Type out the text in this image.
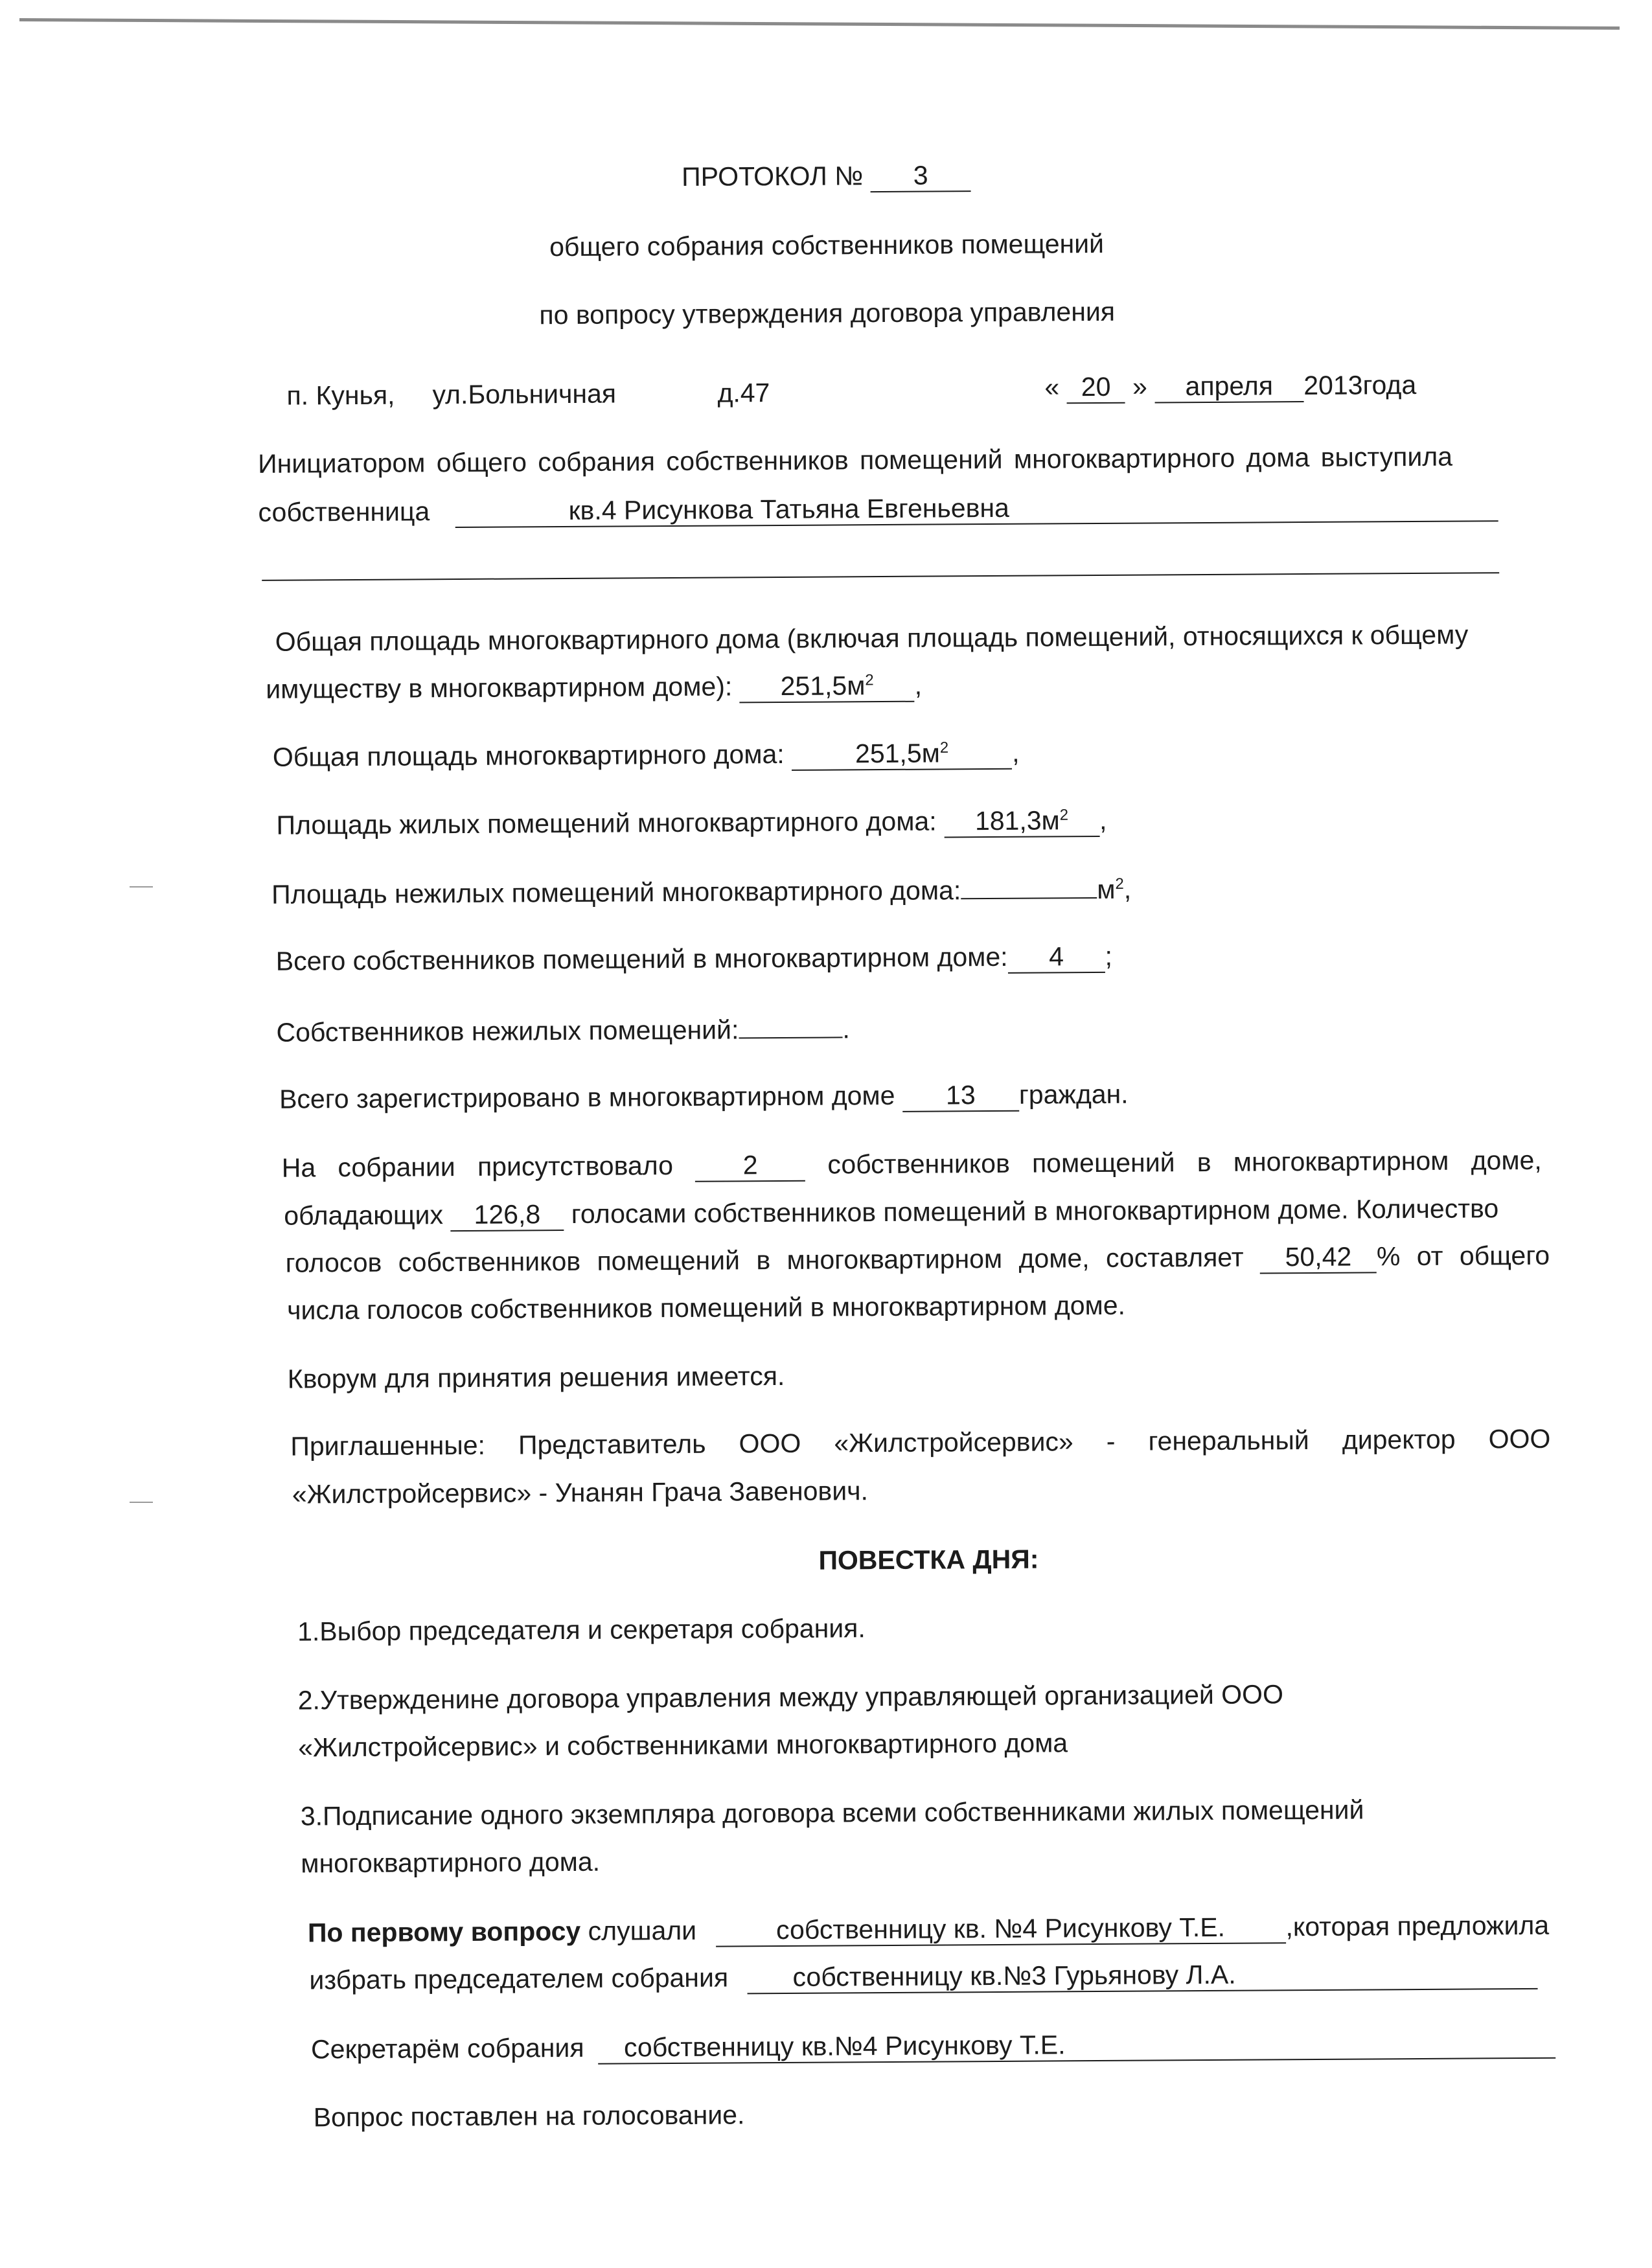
ПРОТОКОЛ № 3
общего собрания собственников помещений
по вопросу утверждения договора управления
п. Кунья, ул.Больничная	д.47	« 20 » апреля 2013года
Инициатором общего собрания собственников помещений многоквартирного дома выступила
собственница	кв.4 Рисункова Татьяна Евгеньевна
Общая площадь многоквартирного дома (включая площадь помещений, относящихся к общему
имуществу в многоквартирном доме): $251,5м^2$ ,
Общая площадь многоквартирного дома:	$251,5м^2$ ,
Площадь жилых помещений многоквартирного дома: $181,3м^2$ ,
Площадь нежилых помещений многоквартирного дома:	$м^2$,
Всего собственников помещений в многоквартирном доме: 4 ;
Собственников нежилых помещений:	.
Всего зарегистрировано в многоквартирном доме 13 граждан.
На собрании присутствовало	2	собственников помещений в многоквартирном доме,
обладающих 126,8 голосами собственников помещений в многоквартирном доме. Количество
голосов собственников помещений в многоквартирном доме, составляет 50,42 % от общего
числа голосов собственников помещений в многоквартирном доме.
Кворум для принятия решения имеется.
Приглашенные: Представитель ООО «Жилстройсервис» - генеральный директор ООО
«Жилстройсервис» - Унанян Грача Завенович.
ПОВЕСТКА ДНЯ:
1.Выбор председателя и секретаря собрания.
2.Утвержденине договора управления между управляющей организацией ООО
«Жилстройсервис» и собственниками многоквартирного дома
3.Подписание одного экземпляра договора всеми собственниками жилых помещений
многоквартирного дома.
По первому вопросу слушали	собственницу кв. №4 Рисункову Т.Е. ,которая предложила
избрать председателем собрания собственницу кв.№3 Гурьянову Л.А.
Секретарём собрания собственницу кв.№4 Рисункову Т.Е.
Вопрос поставлен на голосование.
